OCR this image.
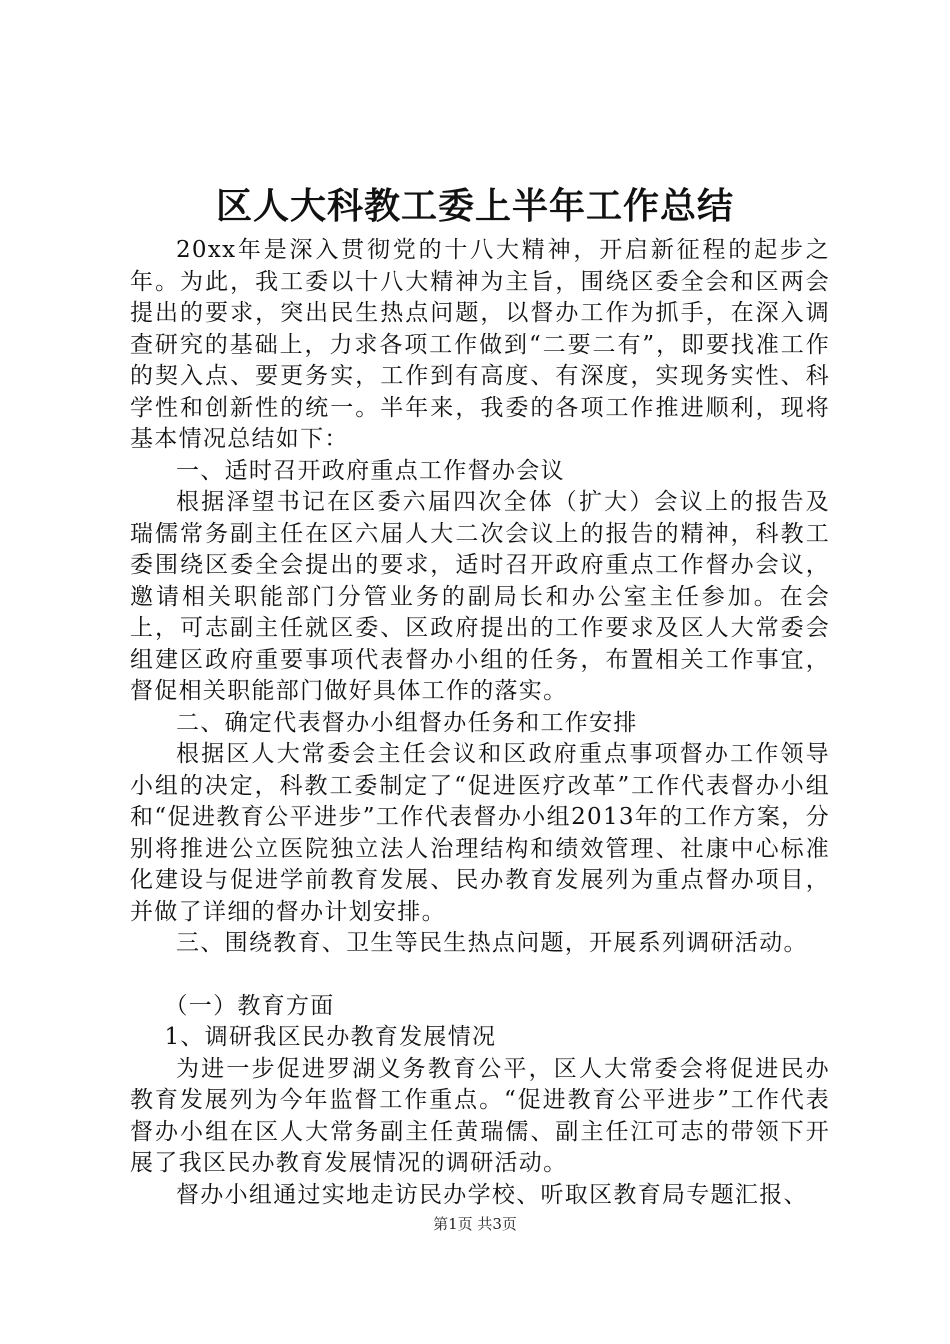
区人大科教工委上半年工作总结

20xx年是深入贯彻党的十八大精神，开启新征程的起步之年。为此，我工委以十八大精神为主旨，围绕区委全会和区两会提出的要求，突出民生热点问题，以督办工作为抓手，在深入调查研究的基础上，力求各项工作做到“二要二有”，即要找准工作的契入点、要更务实，工作到有高度、有深度，实现务实性、科学性和创新性的统一。半年来，我委的各项工作推进顺利，现将基本情况总结如下：

一、适时召开政府重点工作督办会议

根据泽望书记在区委六届四次全体（扩大）会议上的报告及瑞儒常务副主任在区六届人大二次会议上的报告的精神，科教工委围绕区委全会提出的要求，适时召开政府重点工作督办会议，邀请相关职能部门分管业务的副局长和办公室主任参加。在会上，可志副主任就区委、区政府提出的工作要求及区人大常委会组建区政府重要事项代表督办小组的任务，布置相关工作事宜，督促相关职能部门做好具体工作的落实。

二、确定代表督办小组督办任务和工作安排

根据区人大常委会主任会议和区政府重点事项督办工作领导小组的决定，科教工委制定了“促进医疗改革”工作代表督办小组和“促进教育公平进步”工作代表督办小组2013年的工作方案，分别将推进公立医院独立法人治理结构和绩效管理、社康中心标准化建设与促进学前教育发展、民办教育发展列为重点督办项目，并做了详细的督办计划安排。

三、围绕教育、卫生等民生热点问题，开展系列调研活动。

（一）教育方面

1、调研我区民办教育发展情况

为进一步促进罗湖义务教育公平，区人大常委会将促进民办教育发展列为今年监督工作重点。“促进教育公平进步”工作代表督办小组在区人大常务副主任黄瑞儒、副主任江可志的带领下开展了我区民办教育发展情况的调研活动。

督办小组通过实地走访民办学校、听取区教育局专题汇报、

第1页 共3页
